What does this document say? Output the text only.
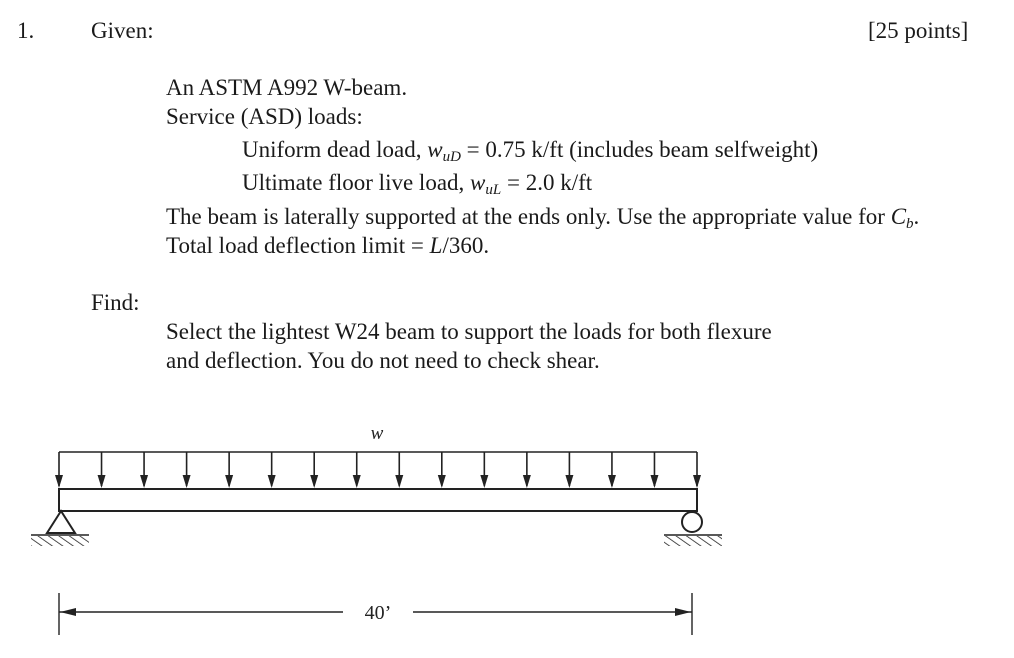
1. Given:	[25 points]
An ASTM A992 W-beam.
Service (ASD) loads:
Uniform dead load, $w_{uD} = 0.75$ k/ft (includes beam selfweight)
Ultimate floor live load, $w_{uL} = 2.0$ k/ft
The beam is laterally supported at the ends only. Use the appropriate value for $C_b$.
Total load deflection limit = L/360.
Find:
Select the lightest W24 beam to support the loads for both flexure
and deflection. You do not need to check shear.
w
40’
